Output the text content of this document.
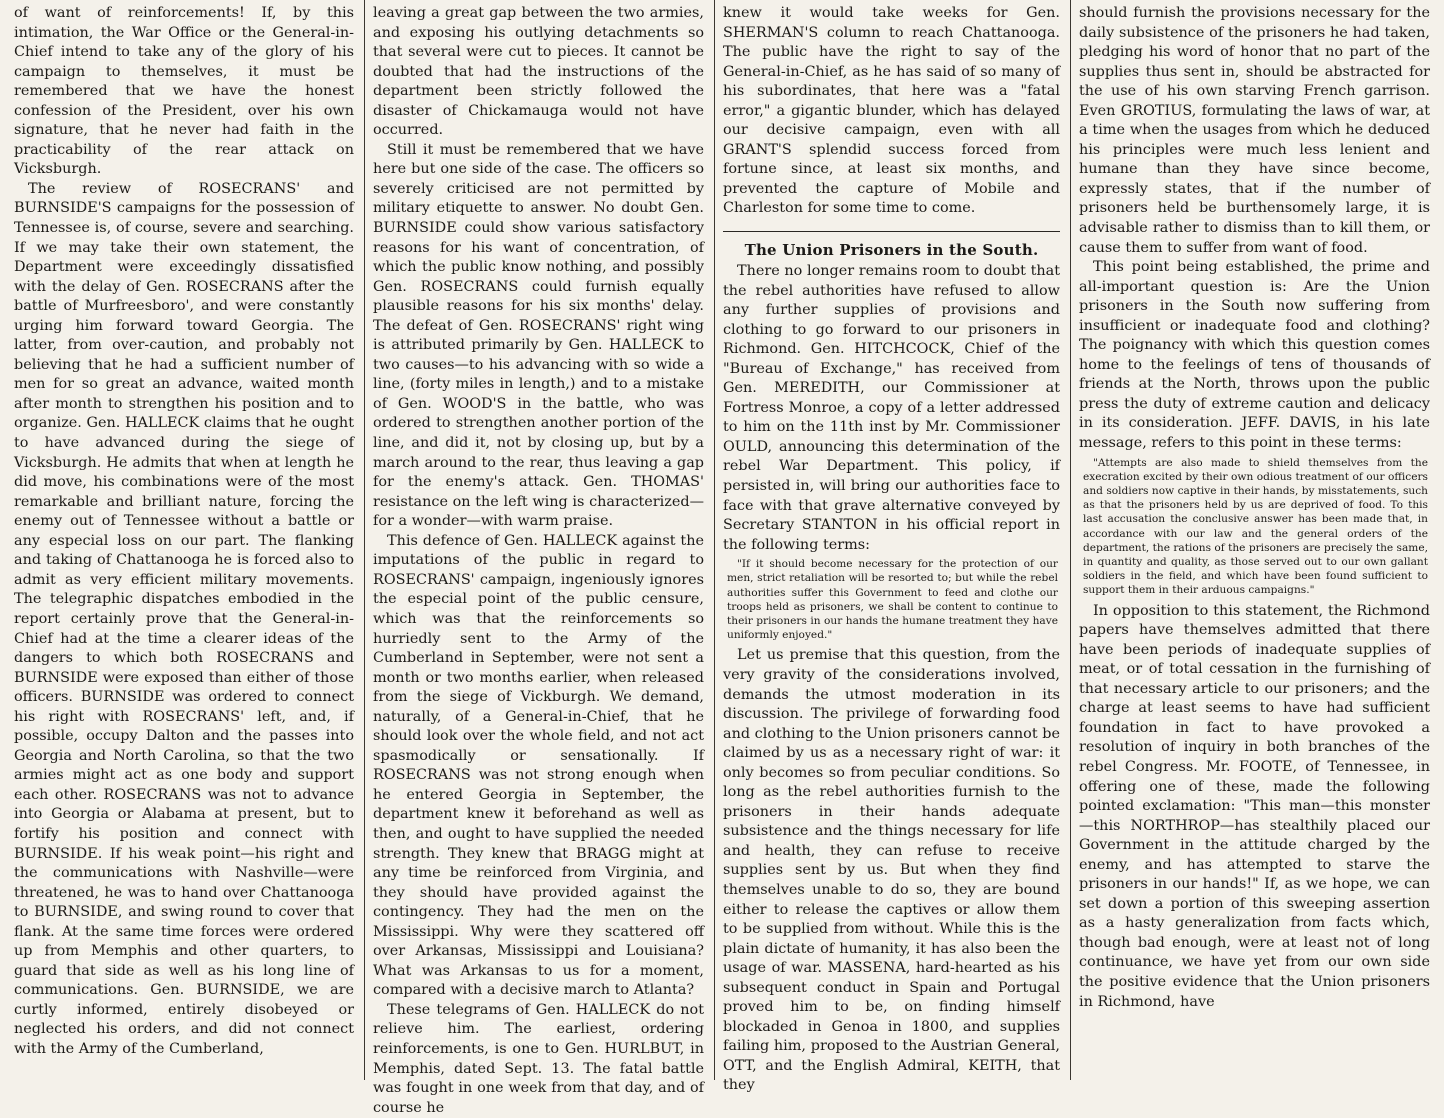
of want of reinforcements! If, by this intimation, the War Office or the General-in-Chief intend to take any of the glory of his campaign to themselves, it must be remembered that we have the honest confession of the President, over his own signature, that he never had faith in the practicability of the rear attack on Vicksburgh.

The review of ROSECRANS' and BURNSIDE'S campaigns for the possession of Tennessee is, of course, severe and searching. If we may take their own statement, the Department were exceedingly dissatisfied with the delay of Gen. ROSECRANS after the battle of Murfreesboro', and were constantly urging him forward toward Georgia. The latter, from over-caution, and probably not believing that he had a sufficient number of men for so great an advance, waited month after month to strengthen his position and to organize. Gen. HALLECK claims that he ought to have advanced during the siege of Vicksburgh. He admits that when at length he did move, his combinations were of the most remarkable and brilliant nature, forcing the enemy out of Tennessee without a battle or any especial loss on our part. The flanking and taking of Chattanooga he is forced also to admit as very efficient military movements. The telegraphic dispatches embodied in the report certainly prove that the General-in-Chief had at the time a clearer ideas of the dangers to which both ROSECRANS and BURNSIDE were exposed than either of those officers. BURNSIDE was ordered to connect his right with ROSECRANS' left, and, if possible, occupy Dalton and the passes into Georgia and North Carolina, so that the two armies might act as one body and support each other. ROSECRANS was not to advance into Georgia or Alabama at present, but to fortify his position and connect with BURNSIDE. If his weak point—his right and the communications with Nashville—were threatened, he was to hand over Chattanooga to BURNSIDE, and swing round to cover that flank. At the same time forces were ordered up from Memphis and other quarters, to guard that side as well as his long line of communications. Gen. BURNSIDE, we are curtly informed, entirely disobeyed or neglected his orders, and did not connect with the Army of the Cumberland,

leaving a great gap between the two armies, and exposing his outlying detachments so that several were cut to pieces. It cannot be doubted that had the instructions of the department been strictly followed the disaster of Chickamauga would not have occurred.

Still it must be remembered that we have here but one side of the case. The officers so severely criticised are not permitted by military etiquette to answer. No doubt Gen. BURNSIDE could show various satisfactory reasons for his want of concentration, of which the public know nothing, and possibly Gen. ROSECRANS could furnish equally plausible reasons for his six months' delay. The defeat of Gen. ROSECRANS' right wing is attributed primarily by Gen. HALLECK to two causes—to his advancing with so wide a line, (forty miles in length,) and to a mistake of Gen. WOOD'S in the battle, who was ordered to strengthen another portion of the line, and did it, not by closing up, but by a march around to the rear, thus leaving a gap for the enemy's attack. Gen. THOMAS' resistance on the left wing is characterized—for a wonder—with warm praise.

This defence of Gen. HALLECK against the imputations of the public in regard to ROSECRANS' campaign, ingeniously ignores the especial point of the public censure, which was that the reinforcements so hurriedly sent to the Army of the Cumberland in September, were not sent a month or two months earlier, when released from the siege of Vickburgh. We demand, naturally, of a General-in-Chief, that he should look over the whole field, and not act spasmodically or sensationally. If ROSECRANS was not strong enough when he entered Georgia in September, the department knew it beforehand as well as then, and ought to have supplied the needed strength. They knew that BRAGG might at any time be reinforced from Virginia, and they should have provided against the contingency. They had the men on the Mississippi. Why were they scattered off over Arkansas, Mississippi and Louisiana? What was Arkansas to us for a moment, compared with a decisive march to Atlanta?

These telegrams of Gen. HALLECK do not relieve him. The earliest, ordering reinforcements, is one to Gen. HURLBUT, in Memphis, dated Sept. 13. The fatal battle was fought in one week from that day, and of course he

knew it would take weeks for Gen. SHERMAN'S column to reach Chattanooga. The public have the right to say of the General-in-Chief, as he has said of so many of his subordinates, that here was a "fatal error," a gigantic blunder, which has delayed our decisive campaign, even with all GRANT'S splendid success forced from fortune since, at least six months, and prevented the capture of Mobile and Charleston for some time to come.

The Union Prisoners in the South.

There no longer remains room to doubt that the rebel authorities have refused to allow any further supplies of provisions and clothing to go forward to our prisoners in Richmond. Gen. HITCHCOCK, Chief of the "Bureau of Exchange," has received from Gen. MEREDITH, our Commissioner at Fortress Monroe, a copy of a letter addressed to him on the 11th inst by Mr. Commissioner OULD, announcing this determination of the rebel War Department. This policy, if persisted in, will bring our authorities face to face with that grave alternative conveyed by Secretary STANTON in his official report in the following terms:

"If it should become necessary for the protection of our men, strict retaliation will be resorted to; but while the rebel authorities suffer this Government to feed and clothe our troops held as prisoners, we shall be content to continue to their prisoners in our hands the humane treatment they have uniformly enjoyed."

Let us premise that this question, from the very gravity of the considerations involved, demands the utmost moderation in its discussion. The privilege of forwarding food and clothing to the Union prisoners cannot be claimed by us as a necessary right of war: it only becomes so from peculiar conditions. So long as the rebel authorities furnish to the prisoners in their hands adequate subsistence and the things necessary for life and health, they can refuse to receive supplies sent by us. But when they find themselves unable to do so, they are bound either to release the captives or allow them to be supplied from without. While this is the plain dictate of humanity, it has also been the usage of war. MASSENA, hard-hearted as his subsequent conduct in Spain and Portugal proved him to be, on finding himself blockaded in Genoa in 1800, and supplies failing him, proposed to the Austrian General, OTT, and the English Admiral, KEITH, that they

should furnish the provisions necessary for the daily subsistence of the prisoners he had taken, pledging his word of honor that no part of the supplies thus sent in, should be abstracted for the use of his own starving French garrison. Even GROTIUS, formulating the laws of war, at a time when the usages from which he deduced his principles were much less lenient and humane than they have since become, expressly states, that if the number of prisoners held be burthensomely large, it is advisable rather to dismiss than to kill them, or cause them to suffer from want of food.

This point being established, the prime and all-important question is: Are the Union prisoners in the South now suffering from insufficient or inadequate food and clothing? The poignancy with which this question comes home to the feelings of tens of thousands of friends at the North, throws upon the public press the duty of extreme caution and delicacy in its consideration. JEFF. DAVIS, in his late message, refers to this point in these terms:

"Attempts are also made to shield themselves from the execration excited by their own odious treatment of our officers and soldiers now captive in their hands, by misstatements, such as that the prisoners held by us are deprived of food. To this last accusation the conclusive answer has been made that, in accordance with our law and the general orders of the department, the rations of the prisoners are precisely the same, in quantity and quality, as those served out to our own gallant soldiers in the field, and which have been found sufficient to support them in their arduous campaigns."

In opposition to this statement, the Richmond papers have themselves admitted that there have been periods of inadequate supplies of meat, or of total cessation in the furnishing of that necessary article to our prisoners; and the charge at least seems to have had sufficient foundation in fact to have provoked a resolution of inquiry in both branches of the rebel Congress. Mr. FOOTE, of Tennessee, in offering one of these, made the following pointed exclamation: "This man—this monster—this NORTHROP—has stealthily placed our Government in the attitude charged by the enemy, and has attempted to starve the prisoners in our hands!" If, as we hope, we can set down a portion of this sweeping assertion as a hasty generalization from facts which, though bad enough, were at least not of long continuance, we have yet from our own side the positive evidence that the Union prisoners in Richmond, have
